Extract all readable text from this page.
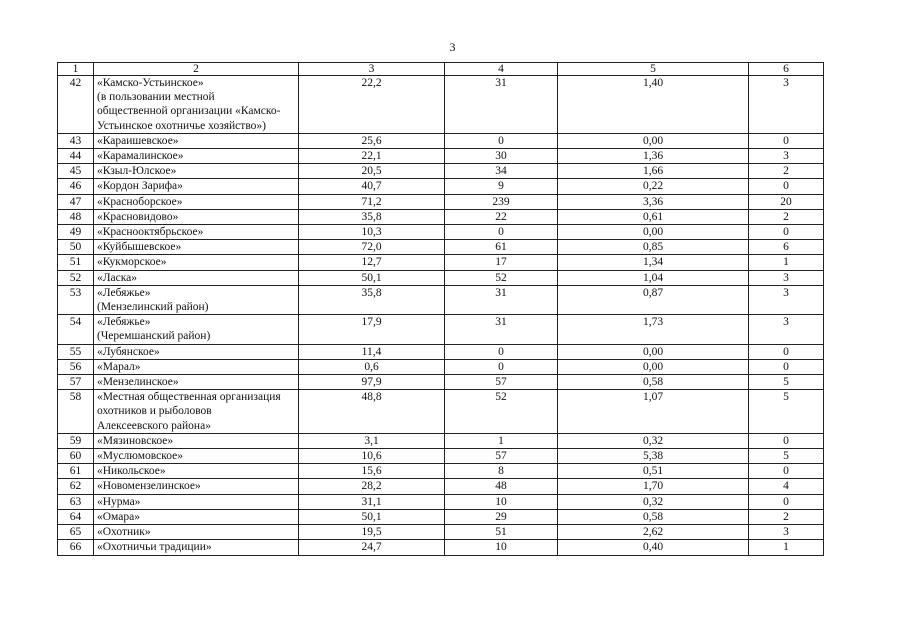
3
1	2	3	4	5	6
42	«Камско-Устьинское»
(в пользовании местной
общественной организации «Камско-
Устьинское охотничье хозяйство»)	22,2	31	1,40	3
43	«Караишевское»	25,6	0	0,00	0
44	«Карамалинское»	22,1	30	1,36	3
45	«Кзыл-Юлское»	20,5	34	1,66	2
46	«Кордон Зарифа»	40,7	9	0,22	0
47	«Красноборское»	71,2	239	3,36	20
48	«Красновидово»	35,8	22	0,61	2
49	«Краснооктябрьское»	10,3	0	0,00	0
50	«Куйбышевское»	72,0	61	0,85	6
51	«Кукморское»	12,7	17	1,34	1
52	«Ласка»	50,1	52	1,04	3
53	«Лебяжье»
(Мензелинский район)	35,8	31	0,87	3
54	«Лебяжье»
(Черемшанский район)	17,9	31	1,73	3
55	«Лубянское»	11,4	0	0,00	0
56	«Марал»	0,6	0	0,00	0
57	«Мензелинское»	97,9	57	0,58	5
58	«Местная общественная организация
охотников и рыболовов
Алексеевского района»	48,8	52	1,07	5
59	«Мязиновское»	3,1	1	0,32	0
60	«Муслюмовское»	10,6	57	5,38	5
61	«Никольское»	15,6	8	0,51	0
62	«Новомензелинское»	28,2	48	1,70	4
63	«Нурма»	31,1	10	0,32	0
64	«Омара»	50,1	29	0,58	2
65	«Охотник»	19,5	51	2,62	3
66	«Охотничьи традиции»	24,7	10	0,40	1
